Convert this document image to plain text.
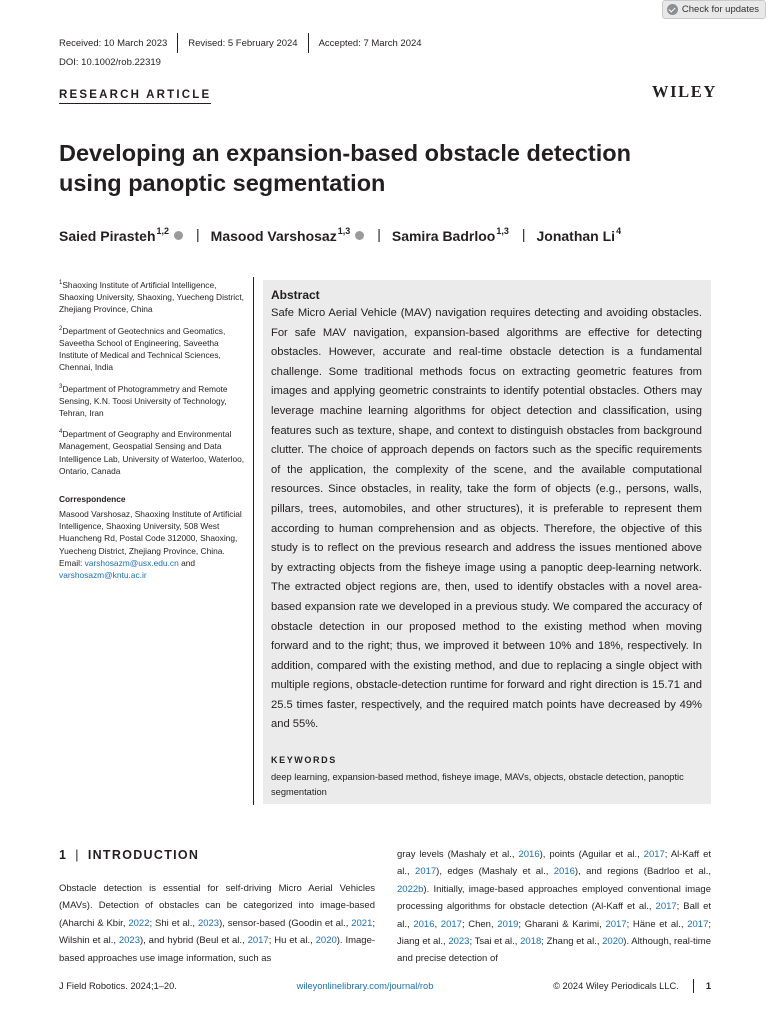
Check for updates
Received: 10 March 2023	Revised: 5 February 2024	Accepted: 7 March 2024
DOI: 10.1002/rob.22319
RESEARCH ARTICLE	WILEY
Developing an expansion-based obstacle detection using panoptic segmentation
Saied Pirasteh$^{1,2}$	| Masood Varshosaz$^{1,3}$	| Samira Badrloo$^{1,3}$ | Jonathan Li$^4$

$^1$Shaoxing Institute of Artificial Intelligence, Shaoxing University, Shaoxing, Yuecheng District, Zhejiang Province, China

$^2$Department of Geotechnics and Geomatics, Saveetha School of Engineering, Saveetha Institute of Medical and Technical Sciences, Chennai, India

$^3$Department of Photogrammetry and Remote Sensing, K.N. Toosi University of Technology, Tehran, Iran

$^4$Department of Geography and Environmental Management, Geospatial Sensing and Data Intelligence Lab, University of Waterloo, Waterloo, Ontario, Canada

Correspondence

Masood Varshosaz, Shaoxing Institute of Artificial Intelligence, Shaoxing University, 508 West Huancheng Rd, Postal Code 312000, Shaoxing, Yuecheng District, Zhejiang Province, China.
Email: varshosazm@usx.edu.cn and
varshosazm@kntu.ac.ir

Abstract
Safe Micro Aerial Vehicle (MAV) navigation requires detecting and avoiding obstacles. For safe MAV navigation, expansion-based algorithms are effective for detecting obstacles. However, accurate and real-time obstacle detection is a fundamental challenge. Some traditional methods focus on extracting geometric features from images and applying geometric constraints to identify potential obstacles. Others may leverage machine learning algorithms for object detection and classification, using features such as texture, shape, and context to distinguish obstacles from background clutter. The choice of approach depends on factors such as the specific requirements of the application, the complexity of the scene, and the available computational resources. Since obstacles, in reality, take the form of objects (e.g., persons, walls, pillars, trees, automobiles, and other structures), it is preferable to represent them according to human comprehension and as objects. Therefore, the objective of this study is to reflect on the previous research and address the issues mentioned above by extracting objects from the fisheye image using a panoptic deep-learning network. The extracted object regions are, then, used to identify obstacles with a novel area-based expansion rate we developed in a previous study. We compared the accuracy of obstacle detection in our proposed method to the existing method when moving forward and to the right; thus, we improved it between 10% and 18%, respectively. In addition, compared with the existing method, and due to replacing a single object with multiple regions, obstacle-detection runtime for forward and right direction is 15.71 and 25.5 times faster, respectively, and the required match points have decreased by 49% and 55%.
KEYWORDS
deep learning, expansion-based method, fisheye image, MAVs, objects, obstacle detection, panoptic segmentation
1 | INTRODUCTION
Obstacle detection is essential for self-driving Micro Aerial Vehicles (MAVs). Detection of obstacles can be categorized into image-based (Aharchi & Kbir, 2022; Shi et al., 2023), sensor-based (Goodin et al., 2021; Wilshin et al., 2023), and hybrid (Beul et al., 2017; Hu et al., 2020). Image-based approaches use image information, such as
gray levels (Mashaly et al., 2016), points (Aguilar et al., 2017; Al-Kaff et al., 2017), edges (Mashaly et al., 2016), and regions (Badrloo et al., 2022b). Initially, image-based approaches employed conventional image processing algorithms for obstacle detection (Al-Kaff et al., 2017; Ball et al., 2016, 2017; Chen, 2019; Gharani & Karimi, 2017; Häne et al., 2017; Jiang et al., 2023; Tsai et al., 2018; Zhang et al., 2020). Although, real-time and precise detection of
J Field Robotics. 2024;1–20.	wileyonlinelibrary.com/journal/rob	© 2024 Wiley Periodicals LLC.	1
